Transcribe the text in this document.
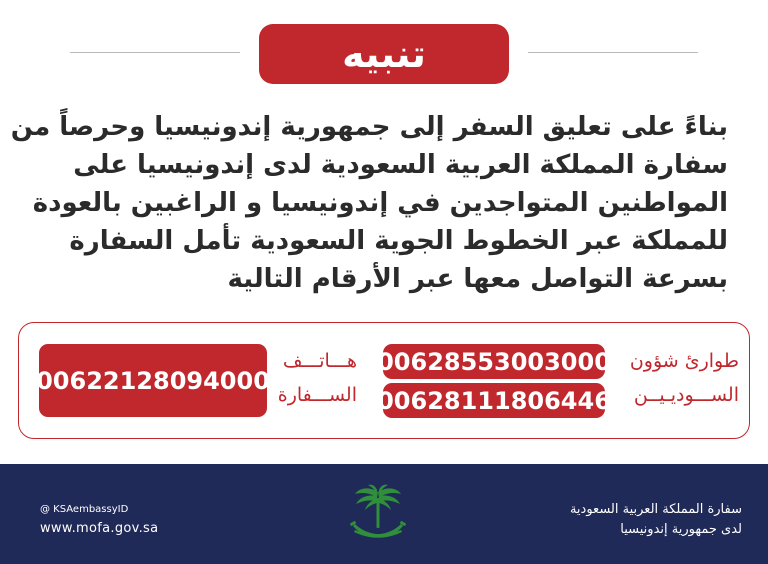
تنبيه
بناءً على تعليق السفر إلى جمهورية إندونيسيا وحرصاً من
سفارة المملكة العربية السعودية لدى إندونيسيا على
المواطنين المتواجدين في إندونيسيا و الراغبين بالعودة
للمملكة عبر الخطوط الجوية السعودية تأمل السفارة
بسرعة التواصل معها عبر الأرقام التالية
طوارئ شؤون
الســـوديـيــن
00628553003000
00628111806446
هـــاتـــف
الســـفارة
00622128094000
@ KSAembassyID
www.mofa.gov.sa
سفارة المملكة العربية السعودية
لدى جمهورية إندونيسيا
